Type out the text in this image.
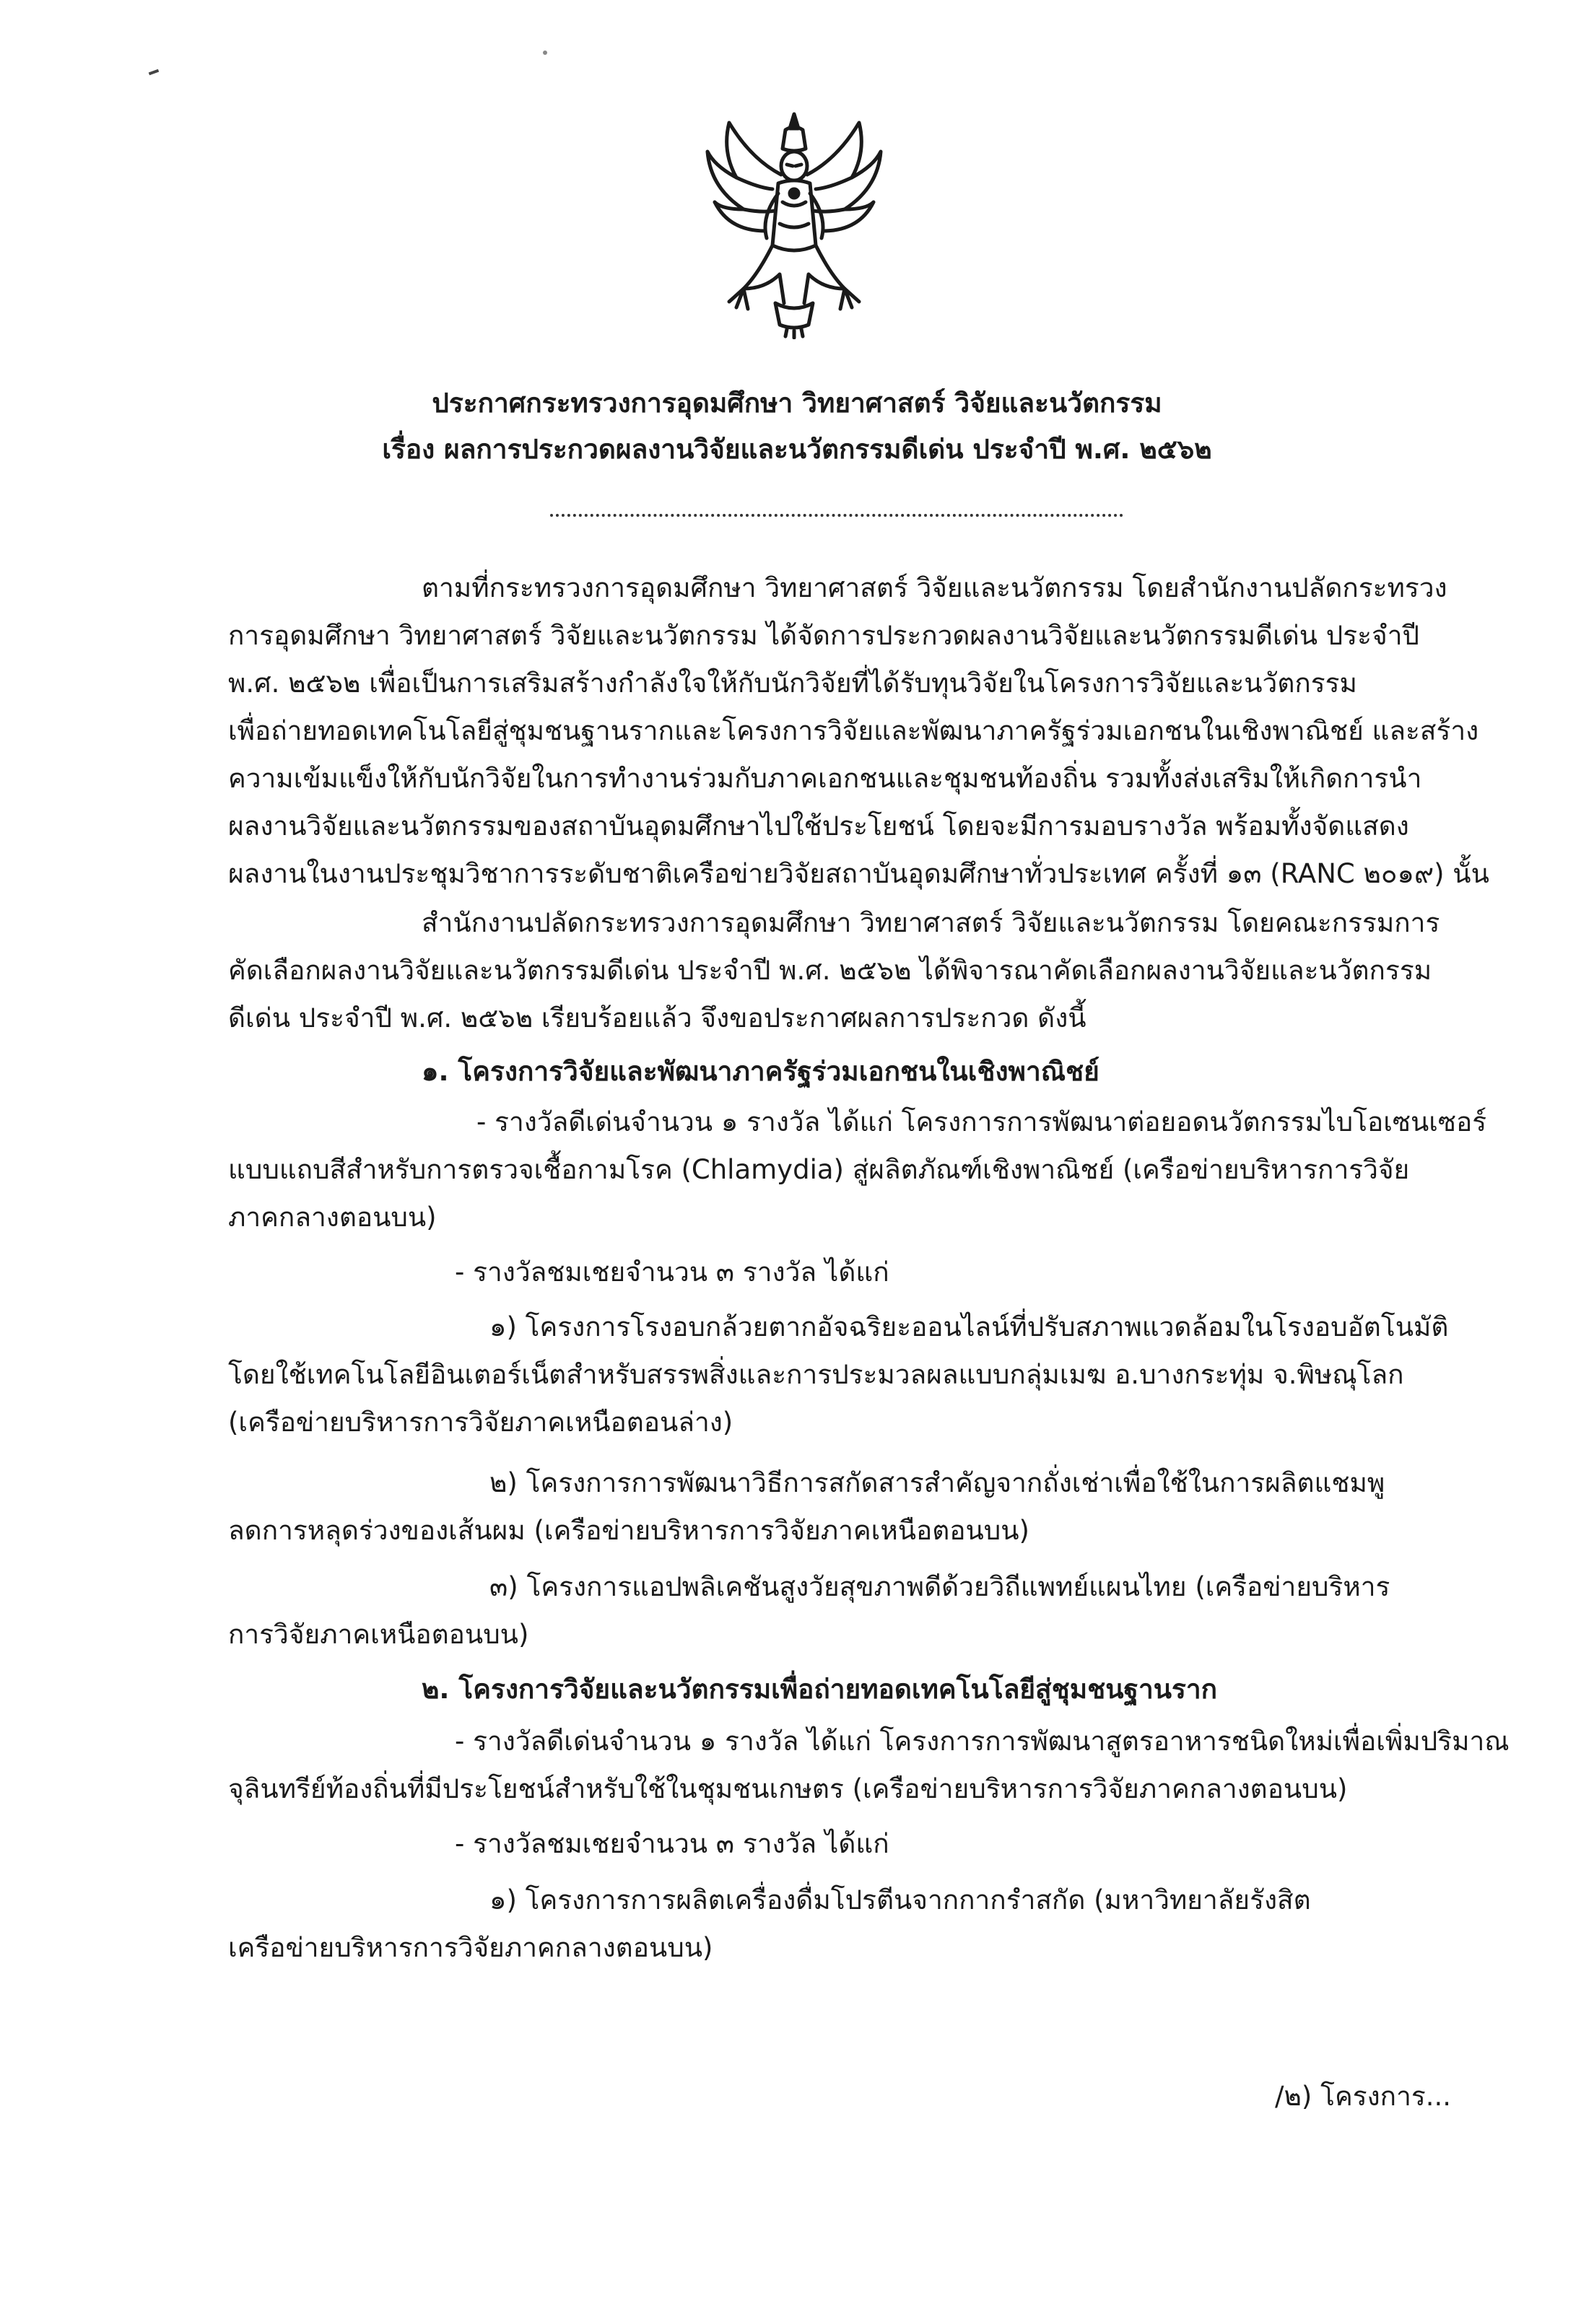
ประกาศกระทรวงการอุดมศึกษา วิทยาศาสตร์ วิจัยและนวัตกรรม
เรื่อง ผลการประกวดผลงานวิจัยและนวัตกรรมดีเด่น ประจำปี พ.ศ. ๒๕๖๒
ตามที่กระทรวงการอุดมศึกษา วิทยาศาสตร์ วิจัยและนวัตกรรม โดยสำนักงานปลัดกระทรวง
การอุดมศึกษา วิทยาศาสตร์ วิจัยและนวัตกรรม ได้จัดการประกวดผลงานวิจัยและนวัตกรรมดีเด่น ประจำปี
พ.ศ. ๒๕๖๒ เพื่อเป็นการเสริมสร้างกำลังใจให้กับนักวิจัยที่ได้รับทุนวิจัยในโครงการวิจัยและนวัตกรรม
เพื่อถ่ายทอดเทคโนโลยีสู่ชุมชนฐานรากและโครงการวิจัยและพัฒนาภาครัฐร่วมเอกชนในเชิงพาณิชย์ และสร้าง
ความเข้มแข็งให้กับนักวิจัยในการทำงานร่วมกับภาคเอกชนและชุมชนท้องถิ่น รวมทั้งส่งเสริมให้เกิดการนำ
ผลงานวิจัยและนวัตกรรมของสถาบันอุดมศึกษาไปใช้ประโยชน์ โดยจะมีการมอบรางวัล พร้อมทั้งจัดแสดง
ผลงานในงานประชุมวิชาการระดับชาติเครือข่ายวิจัยสถาบันอุดมศึกษาทั่วประเทศ ครั้งที่ ๑๓ (RANC ๒๐๑๙) นั้น
สำนักงานปลัดกระทรวงการอุดมศึกษา วิทยาศาสตร์ วิจัยและนวัตกรรม โดยคณะกรรมการ
คัดเลือกผลงานวิจัยและนวัตกรรมดีเด่น ประจำปี พ.ศ. ๒๕๖๒ ได้พิจารณาคัดเลือกผลงานวิจัยและนวัตกรรม
ดีเด่น ประจำปี พ.ศ. ๒๕๖๒ เรียบร้อยแล้ว จึงขอประกาศผลการประกวด ดังนี้
๑. โครงการวิจัยและพัฒนาภาครัฐร่วมเอกชนในเชิงพาณิชย์
- รางวัลดีเด่นจำนวน ๑ รางวัล ได้แก่ โครงการการพัฒนาต่อยอดนวัตกรรมไบโอเซนเซอร์
แบบแถบสีสำหรับการตรวจเชื้อกามโรค (Chlamydia) สู่ผลิตภัณฑ์เชิงพาณิชย์ (เครือข่ายบริหารการวิจัย
ภาคกลางตอนบน)
- รางวัลชมเชยจำนวน ๓ รางวัล ได้แก่
๑) โครงการโรงอบกล้วยตากอัจฉริยะออนไลน์ที่ปรับสภาพแวดล้อมในโรงอบอัตโนมัติ
โดยใช้เทคโนโลยีอินเตอร์เน็ตสำหรับสรรพสิ่งและการประมวลผลแบบกลุ่มเมฆ อ.บางกระทุ่ม จ.พิษณุโลก
(เครือข่ายบริหารการวิจัยภาคเหนือตอนล่าง)
๒) โครงการการพัฒนาวิธีการสกัดสารสำคัญจากถั่งเช่าเพื่อใช้ในการผลิตแชมพู
ลดการหลุดร่วงของเส้นผม (เครือข่ายบริหารการวิจัยภาคเหนือตอนบน)
๓) โครงการแอปพลิเคชันสูงวัยสุขภาพดีด้วยวิถีแพทย์แผนไทย (เครือข่ายบริหาร
การวิจัยภาคเหนือตอนบน)
๒. โครงการวิจัยและนวัตกรรมเพื่อถ่ายทอดเทคโนโลยีสู่ชุมชนฐานราก
- รางวัลดีเด่นจำนวน ๑ รางวัล ได้แก่ โครงการการพัฒนาสูตรอาหารชนิดใหม่เพื่อเพิ่มปริมาณ
จุลินทรีย์ท้องถิ่นที่มีประโยชน์สำหรับใช้ในชุมชนเกษตร (เครือข่ายบริหารการวิจัยภาคกลางตอนบน)
- รางวัลชมเชยจำนวน ๓ รางวัล ได้แก่
๑) โครงการการผลิตเครื่องดื่มโปรตีนจากกากรำสกัด (มหาวิทยาลัยรังสิต
เครือข่ายบริหารการวิจัยภาคกลางตอนบน)
/๒) โครงการ...
